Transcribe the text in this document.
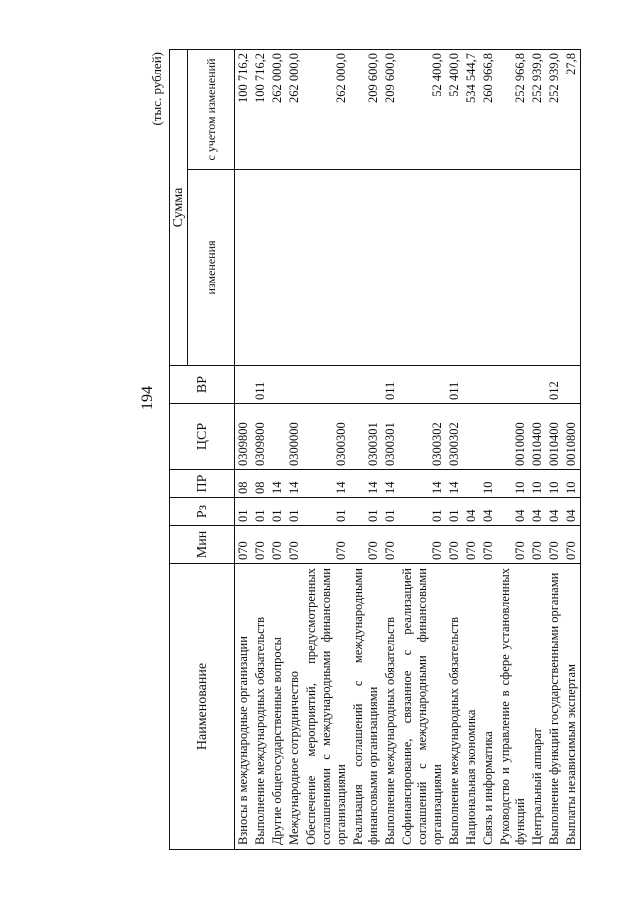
194
(тыс. рублей)
Наименование	Мин	Рз	ПР	ЦСР	ВР	Сумма	
						изменения	с учетом изменений
Взносы в международные организации	070	01	08	0309800			100 716,2
Выполнение международных обязательств	070	01	08	0309800	011		100 716,2
Другие общегосударственные вопросы	070	01	14				262 000,0
Международное сотрудничество	070	01	14	0300000			262 000,0
Обеспечение мероприятий, предусмотренных соглашениями с международными финансовыми организациями	070	01	14	0300300			262 000,0
Реализация соглашений с международными финансовыми организациями	070	01	14	0300301			209 600,0
Выполнение международных обязательств	070	01	14	0300301	011		209 600,0
Софинансирование, связанное с реализацией соглашений с международными финансовыми организациями	070	01	14	0300302			52 400,0
Выполнение международных обязательств	070	01	14	0300302	011		52 400,0
Национальная экономика	070	04					534 544,7
Связь и информатика	070	04	10				260 966,8
Руководство и управление в сфере установленных функций	070	04	10	0010000			252 966,8
Центральный аппарат	070	04	10	0010400			252 939,0
Выполнение функций государственными органами	070	04	10	0010400	012		252 939,0
Выплаты независимым экспертам	070	04	10	0010800			27,8
